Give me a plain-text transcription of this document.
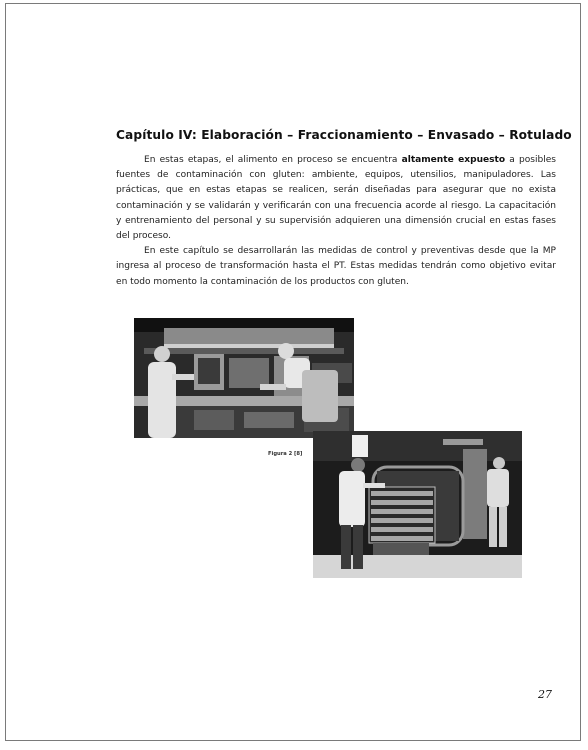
Capítulo IV: Elaboración – Fraccionamiento – Envasado – Rotulado

En estas etapas, el alimento en proceso se encuentra altamente expuesto a posibles fuentes de contaminación con gluten: ambiente, equipos, utensilios, manipuladores. Las prácticas, que en estas etapas se realicen, serán diseñadas para asegurar que no exista contaminación y se validarán y verificarán con una frecuencia acorde al riesgo. La capacitación y entrenamiento del personal y su supervisión adquieren una dimensión crucial en estas fases del proceso.

En este capítulo se desarrollarán las medidas de control y preventivas desde que la MP ingresa al proceso de transformación hasta el PT. Estas medidas tendrán como objetivo evitar en todo momento la contaminación de los productos con gluten.

Figura 2 [8]
27
